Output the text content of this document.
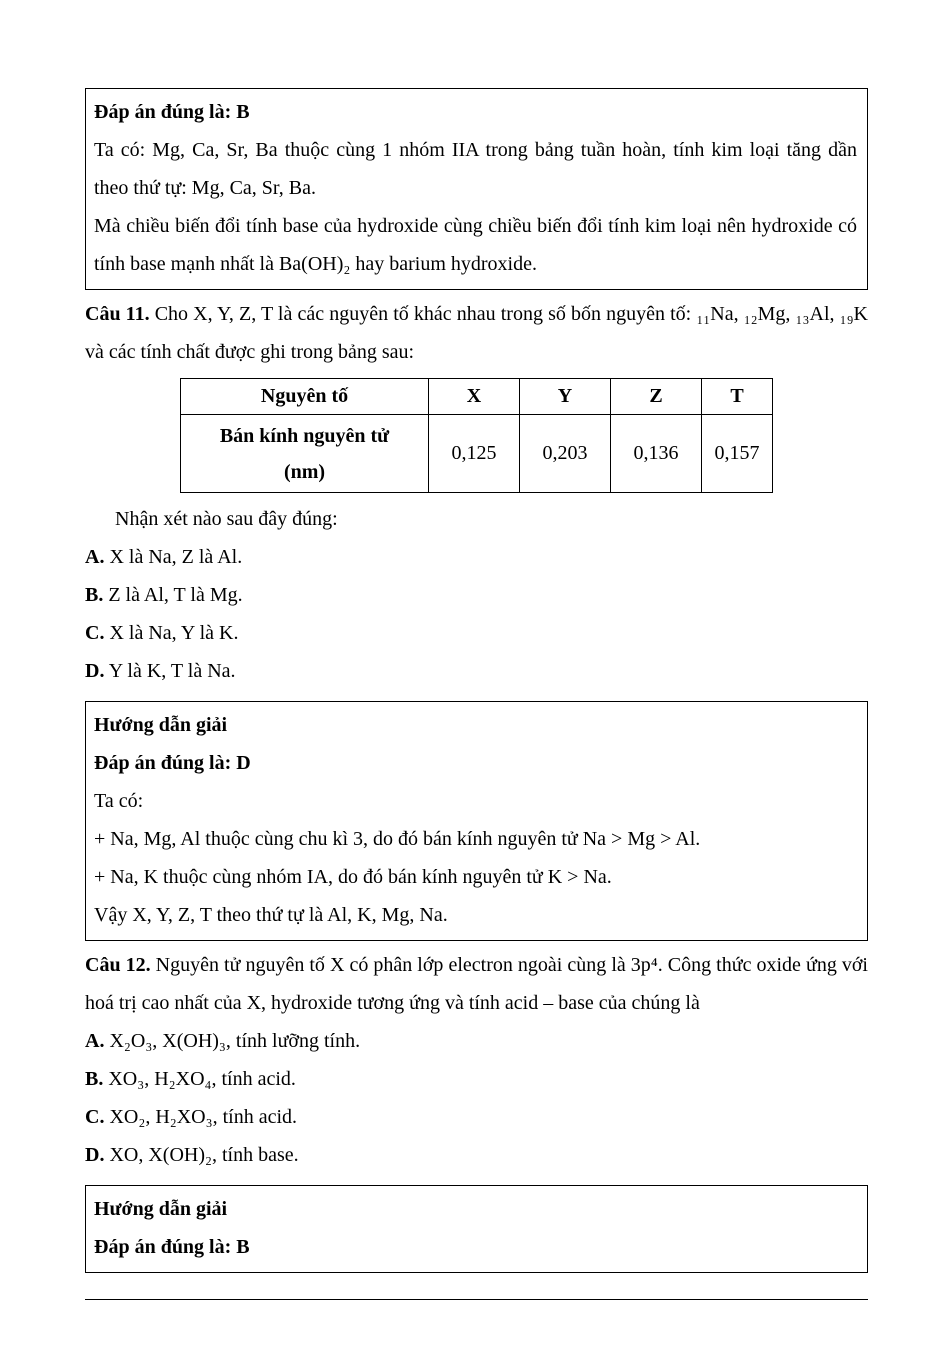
Đáp án đúng là: B

Ta có: Mg, Ca, Sr, Ba thuộc cùng 1 nhóm IIA trong bảng tuần hoàn, tính kim loại tăng dần theo thứ tự: Mg, Ca, Sr, Ba.

Mà chiều biến đổi tính base của hydroxide cùng chiều biến đổi tính kim loại nên hydroxide có tính base mạnh nhất là Ba(OH)₂ hay barium hydroxide.

Câu 11. Cho X, Y, Z, T là các nguyên tố khác nhau trong số bốn nguyên tố: ₁₁Na, ₁₂Mg, ₁₃Al, ₁₉K và các tính chất được ghi trong bảng sau:

Nguyên tố	X	Y	Z	T

Bán kính nguyên tử
(nm)	0,125	0,203	0,136	0,157
Nhận xét nào sau đây đúng:
A. X là Na, Z là Al.
B. Z là Al, T là Mg.
C. X là Na, Y là K.
D. Y là K, T là Na.

Hướng dẫn giải

Đáp án đúng là: D

Ta có:

+ Na, Mg, Al thuộc cùng chu kì 3, do đó bán kính nguyên tử Na > Mg > Al.

+ Na, K thuộc cùng nhóm IA, do đó bán kính nguyên tử K > Na.

Vậy X, Y, Z, T theo thứ tự là Al, K, Mg, Na.

Câu 12. Nguyên tử nguyên tố X có phân lớp electron ngoài cùng là 3p⁴. Công thức oxide ứng với hoá trị cao nhất của X, hydroxide tương ứng và tính acid – base của chúng là

A. X₂O₃, X(OH)₃, tính lưỡng tính.
B. XO₃, H₂XO₄, tính acid.
C. XO₂, H₂XO₃, tính acid.
D. XO, X(OH)₂, tính base.

Hướng dẫn giải

Đáp án đúng là: B
